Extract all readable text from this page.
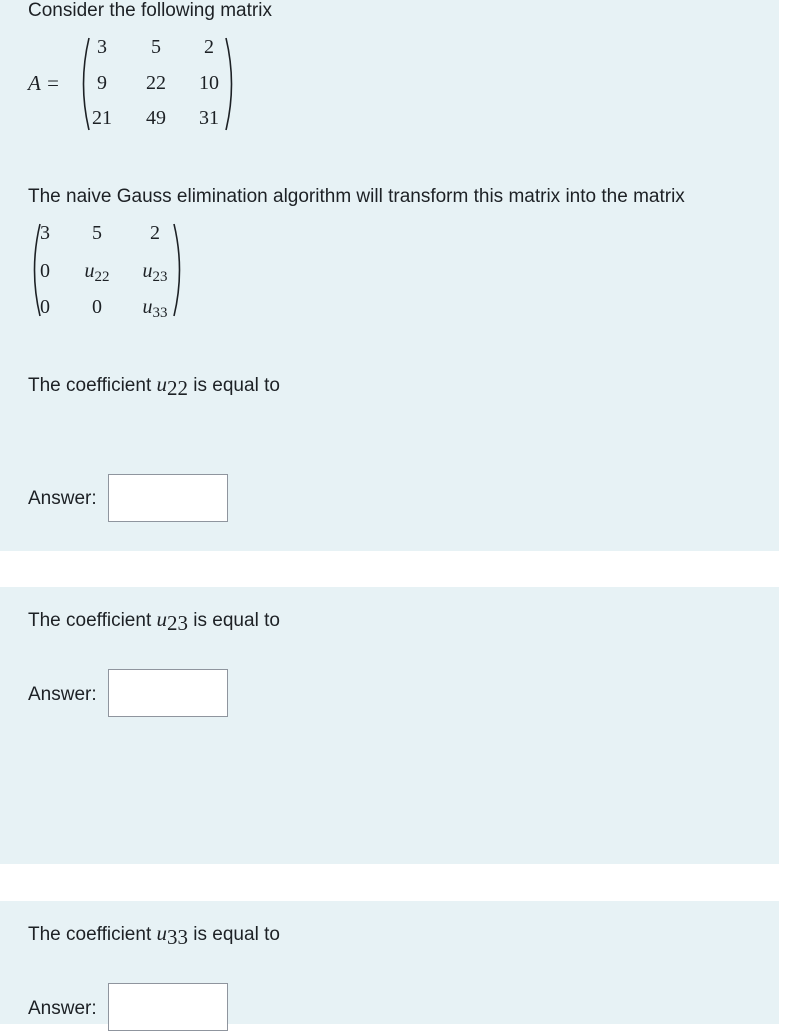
Consider the following matrix
A =
3	5	2
9	22	10
21	49	31
The naive Gauss elimination algorithm will transform this matrix into the matrix
3	5	2
0	$u_{22}$	$u_{23}$
0	0	$u_{33}$
The coefficient $u_{22}$ is equal to
Answer:
The coefficient $u_{23}$ is equal to
Answer:
The coefficient $u_{33}$ is equal to
Answer:
